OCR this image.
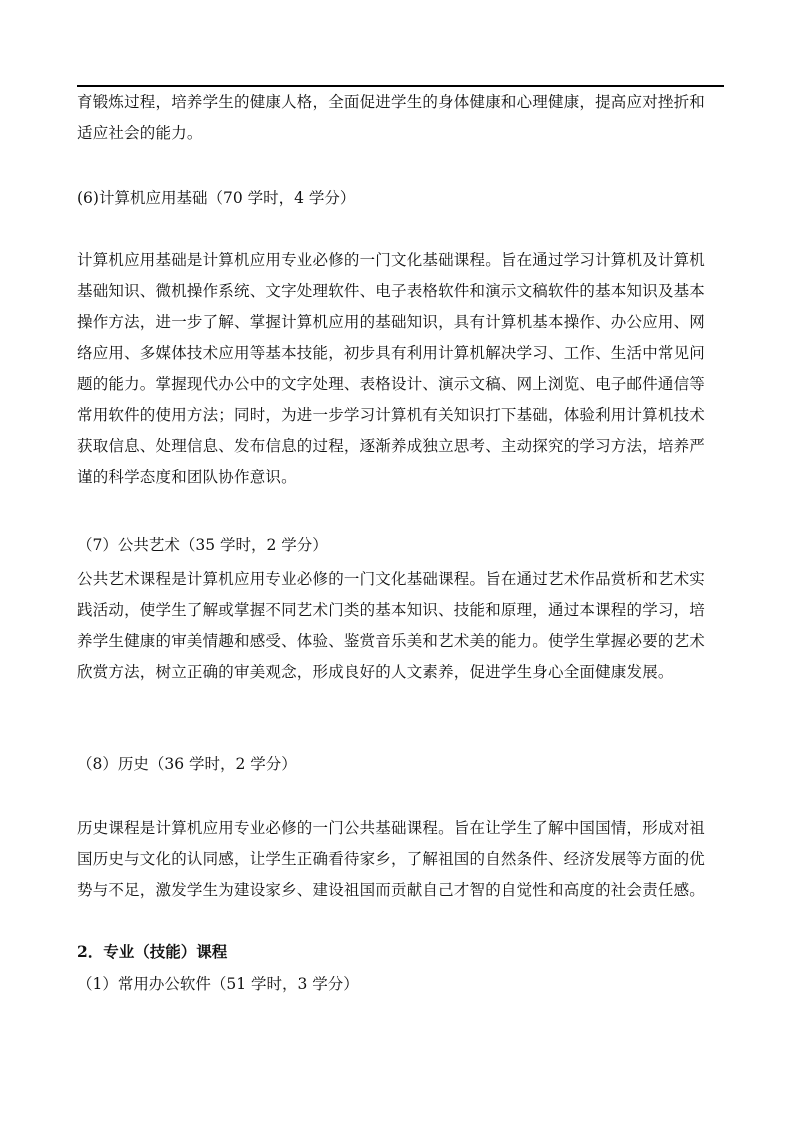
育锻炼过程，培养学生的健康人格，全面促进学生的身体健康和心理健康，提高应对挫折和
适应社会的能力。
(6)计算机应用基础（70 学时，4 学分）
计算机应用基础是计算机应用专业必修的一门文化基础课程。旨在通过学习计算机及计算机
基础知识、微机操作系统、文字处理软件、电子表格软件和演示文稿软件的基本知识及基本
操作方法，进一步了解、掌握计算机应用的基础知识，具有计算机基本操作、办公应用、网
络应用、多媒体技术应用等基本技能，初步具有利用计算机解决学习、工作、生活中常见问
题的能力。掌握现代办公中的文字处理、表格设计、演示文稿、网上浏览、电子邮件通信等
常用软件的使用方法；同时，为进一步学习计算机有关知识打下基础，体验利用计算机技术
获取信息、处理信息、发布信息的过程，逐渐养成独立思考、主动探究的学习方法，培养严
谨的科学态度和团队协作意识。
（7）公共艺术（35 学时，2 学分）
公共艺术课程是计算机应用专业必修的一门文化基础课程。旨在通过艺术作品赏析和艺术实
践活动，使学生了解或掌握不同艺术门类的基本知识、技能和原理，通过本课程的学习，培
养学生健康的审美情趣和感受、体验、鉴赏音乐美和艺术美的能力。使学生掌握必要的艺术
欣赏方法，树立正确的审美观念，形成良好的人文素养，促进学生身心全面健康发展。
（8）历史（36 学时，2 学分）
历史课程是计算机应用专业必修的一门公共基础课程。旨在让学生了解中国国情，形成对祖
国历史与文化的认同感，让学生正确看待家乡，了解祖国的自然条件、经济发展等方面的优
势与不足，激发学生为建设家乡、建设祖国而贡献自己才智的自觉性和高度的社会责任感。
2．专业（技能）课程
（1）常用办公软件（51 学时，3 学分）
